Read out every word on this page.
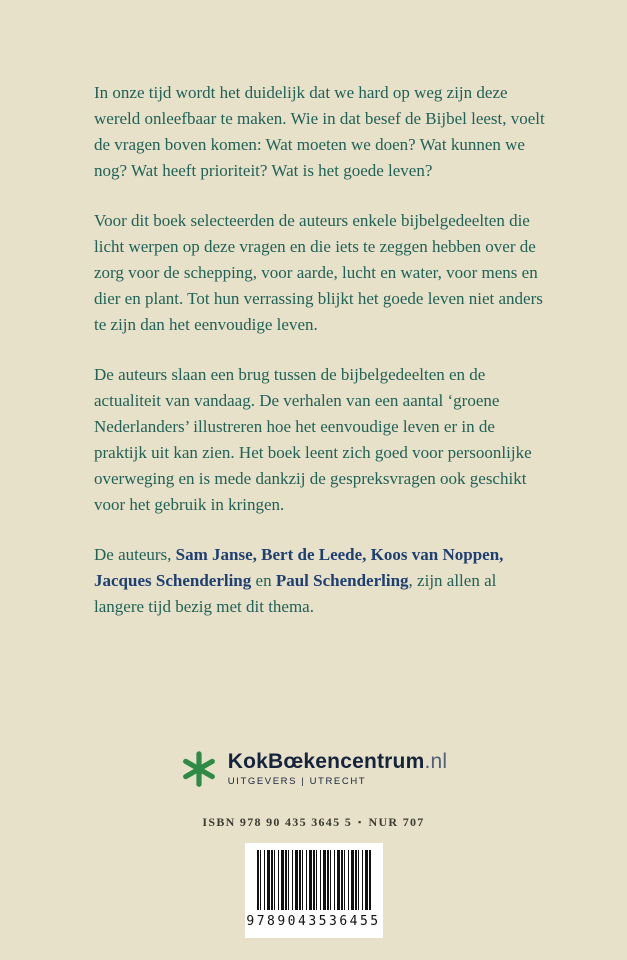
In onze tijd wordt het duidelijk dat we hard op weg zijn deze wereld onleefbaar te maken. Wie in dat besef de Bijbel leest, voelt de vragen boven komen: Wat moeten we doen? Wat kunnen we nog? Wat heeft prioriteit? Wat is het goede leven?

Voor dit boek selecteerden de auteurs enkele bijbelgedeelten die licht werpen op deze vragen en die iets te zeggen hebben over de zorg voor de schepping, voor aarde, lucht en water, voor mens en dier en plant. Tot hun verrassing blijkt het goede leven niet anders te zijn dan het eenvoudige leven.

De auteurs slaan een brug tussen de bijbelgedeelten en de actualiteit van vandaag. De verhalen van een aantal ‘groene Nederlanders’ illustreren hoe het eenvoudige leven er in de praktijk uit kan zien. Het boek leent zich goed voor persoonlijke overweging en is mede dankzij de gespreksvragen ook geschikt voor het gebruik in kringen.

De auteurs, Sam Janse, Bert de Leede, Koos van Noppen, Jacques Schenderling en Paul Schenderling, zijn allen al langere tijd bezig met dit thema.

KokBœkencentrum.nl
UITGEVERS | UTRECHT
ISBN 978 90 435 3645 5 ▪ NUR 707
9789043536455
